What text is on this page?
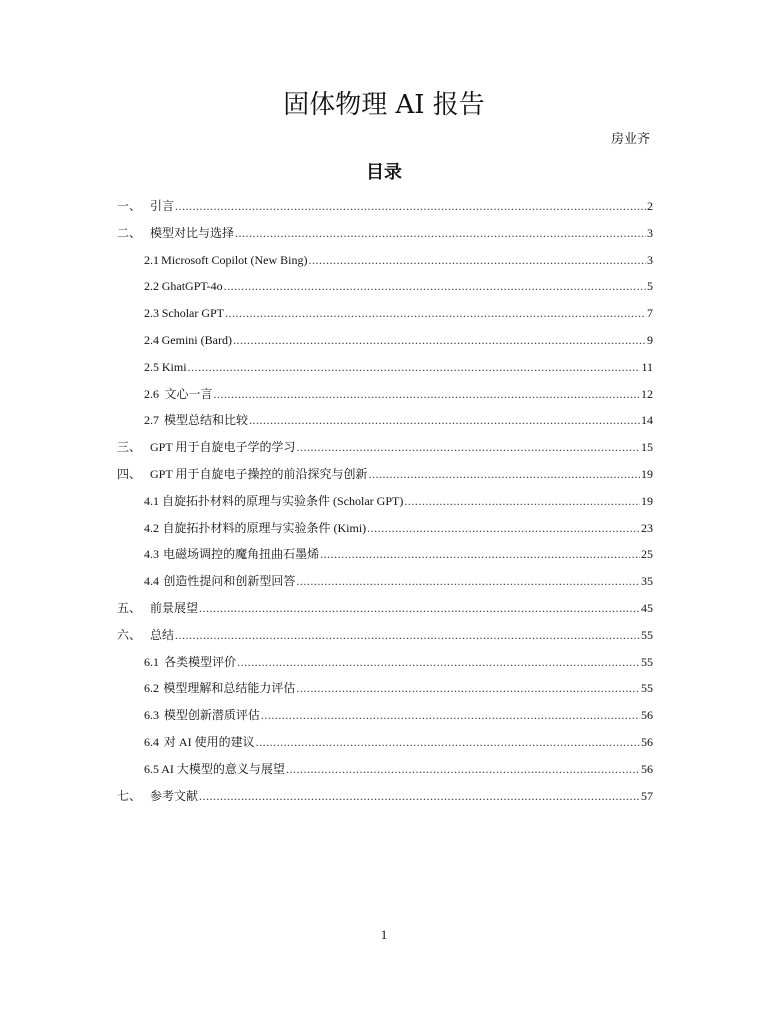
固体物理 AI 报告
房业齐
目录
一、 引言 .....	2
二、 模型对比与选择 .....	3
2.1 Microsoft Copilot (New Bing) .....	3
2.2 GhatGPT-4o .....	5
2.3 Scholar GPT .....	7
2.4 Gemini (Bard) .....	9
2.5 Kimi .....	11
2.6 文心一言 .....	12
2.7 模型总结和比较 .....	14
三、 GPT 用于自旋电子学的学习 .....	15
四、 GPT 用于自旋电子操控的前沿探究与创新 .....	19
4.1 自旋拓扑材料的原理与实验条件 (Scholar GPT) .....	19
4.2 自旋拓扑材料的原理与实验条件 (Kimi) .....	23
4.3 电磁场调控的魔角扭曲石墨烯 .....	25
4.4 创造性提问和创新型回答 .....	35
五、 前景展望 .....	45
六、 总结 .....	55
6.1 各类模型评价 .....	55
6.2 模型理解和总结能力评估 .....	55
6.3 模型创新潜质评估 .....	56
6.4 对 AI 使用的建议 .....	56
6.5 AI 大模型的意义与展望 .....	56
七、 参考文献 .....	57
1
